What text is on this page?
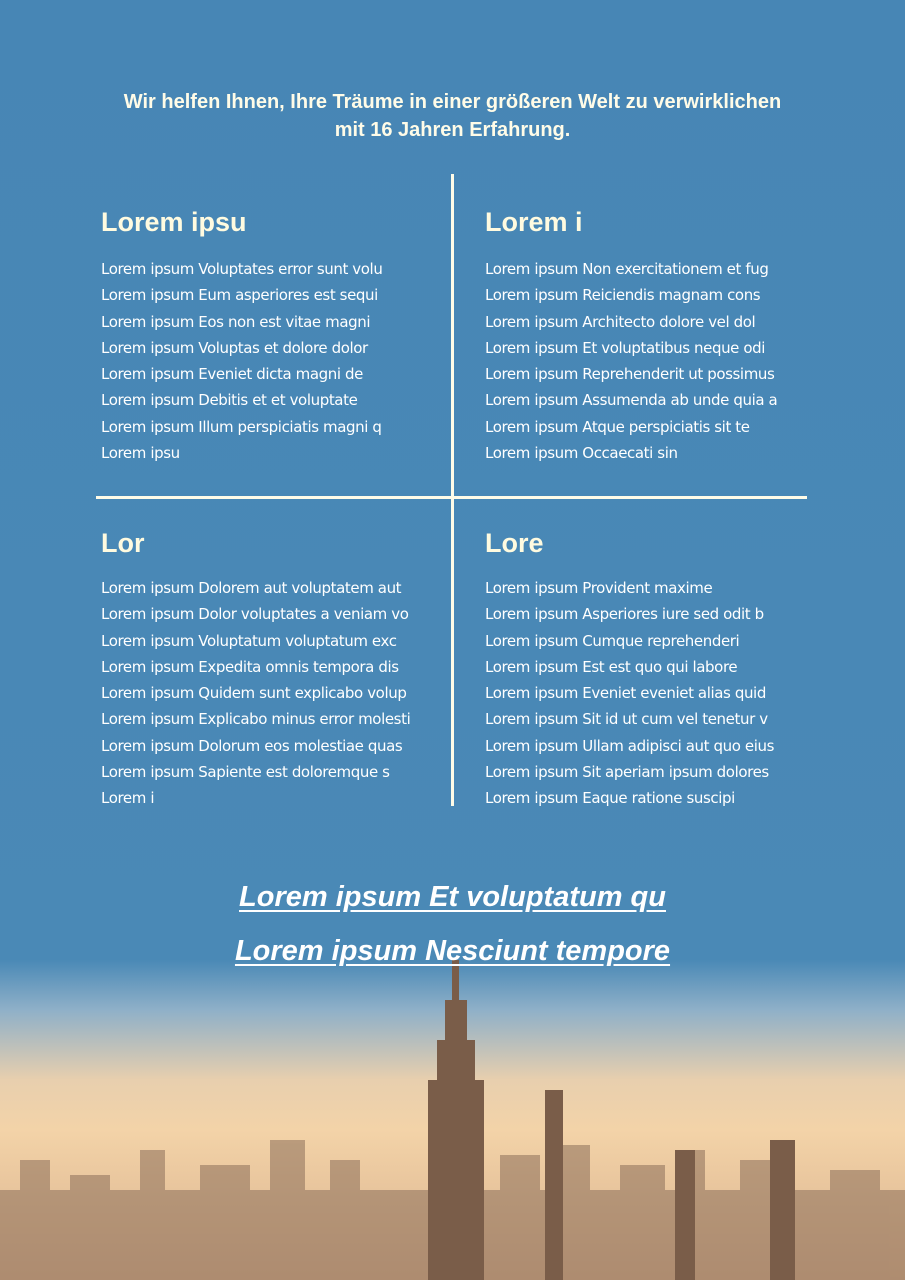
Wir helfen Ihnen, Ihre Träume in einer größeren Welt zu verwirklichen
mit 16 Jahren Erfahrung.
Lorem ipsu

Lorem ipsum Voluptates error sunt volu

Lorem ipsum Eum asperiores est sequi

Lorem ipsum Eos non est vitae magni

Lorem ipsum Voluptas et dolore dolor

Lorem ipsum Eveniet dicta magni de

Lorem ipsum Debitis et et voluptate

Lorem ipsum Illum perspiciatis magni q

Lorem ipsu

Lorem i

Lorem ipsum Non exercitationem et fug

Lorem ipsum Reiciendis magnam cons

Lorem ipsum Architecto dolore vel dol

Lorem ipsum Et voluptatibus neque odi

Lorem ipsum Reprehenderit ut possimus

Lorem ipsum Assumenda ab unde quia a

Lorem ipsum Atque perspiciatis sit te

Lorem ipsum Occaecati sin

Lor

Lorem ipsum Dolorem aut voluptatem aut

Lorem ipsum Dolor voluptates a veniam vo

Lorem ipsum Voluptatum voluptatum exc

Lorem ipsum Expedita omnis tempora dis

Lorem ipsum Quidem sunt explicabo volup

Lorem ipsum Explicabo minus error molesti

Lorem ipsum Dolorum eos molestiae quas

Lorem ipsum Sapiente est doloremque s

Lorem i

Lore

Lorem ipsum Provident maxime

Lorem ipsum Asperiores iure sed odit b

Lorem ipsum Cumque reprehenderi

Lorem ipsum Est est quo qui labore

Lorem ipsum Eveniet eveniet alias quid

Lorem ipsum Sit id ut cum vel tenetur v

Lorem ipsum Ullam adipisci aut quo eius

Lorem ipsum Sit aperiam ipsum dolores

Lorem ipsum Eaque ratione suscipi

Lorem ipsum Et voluptatum qu
Lorem ipsum Nesciunt tempore
